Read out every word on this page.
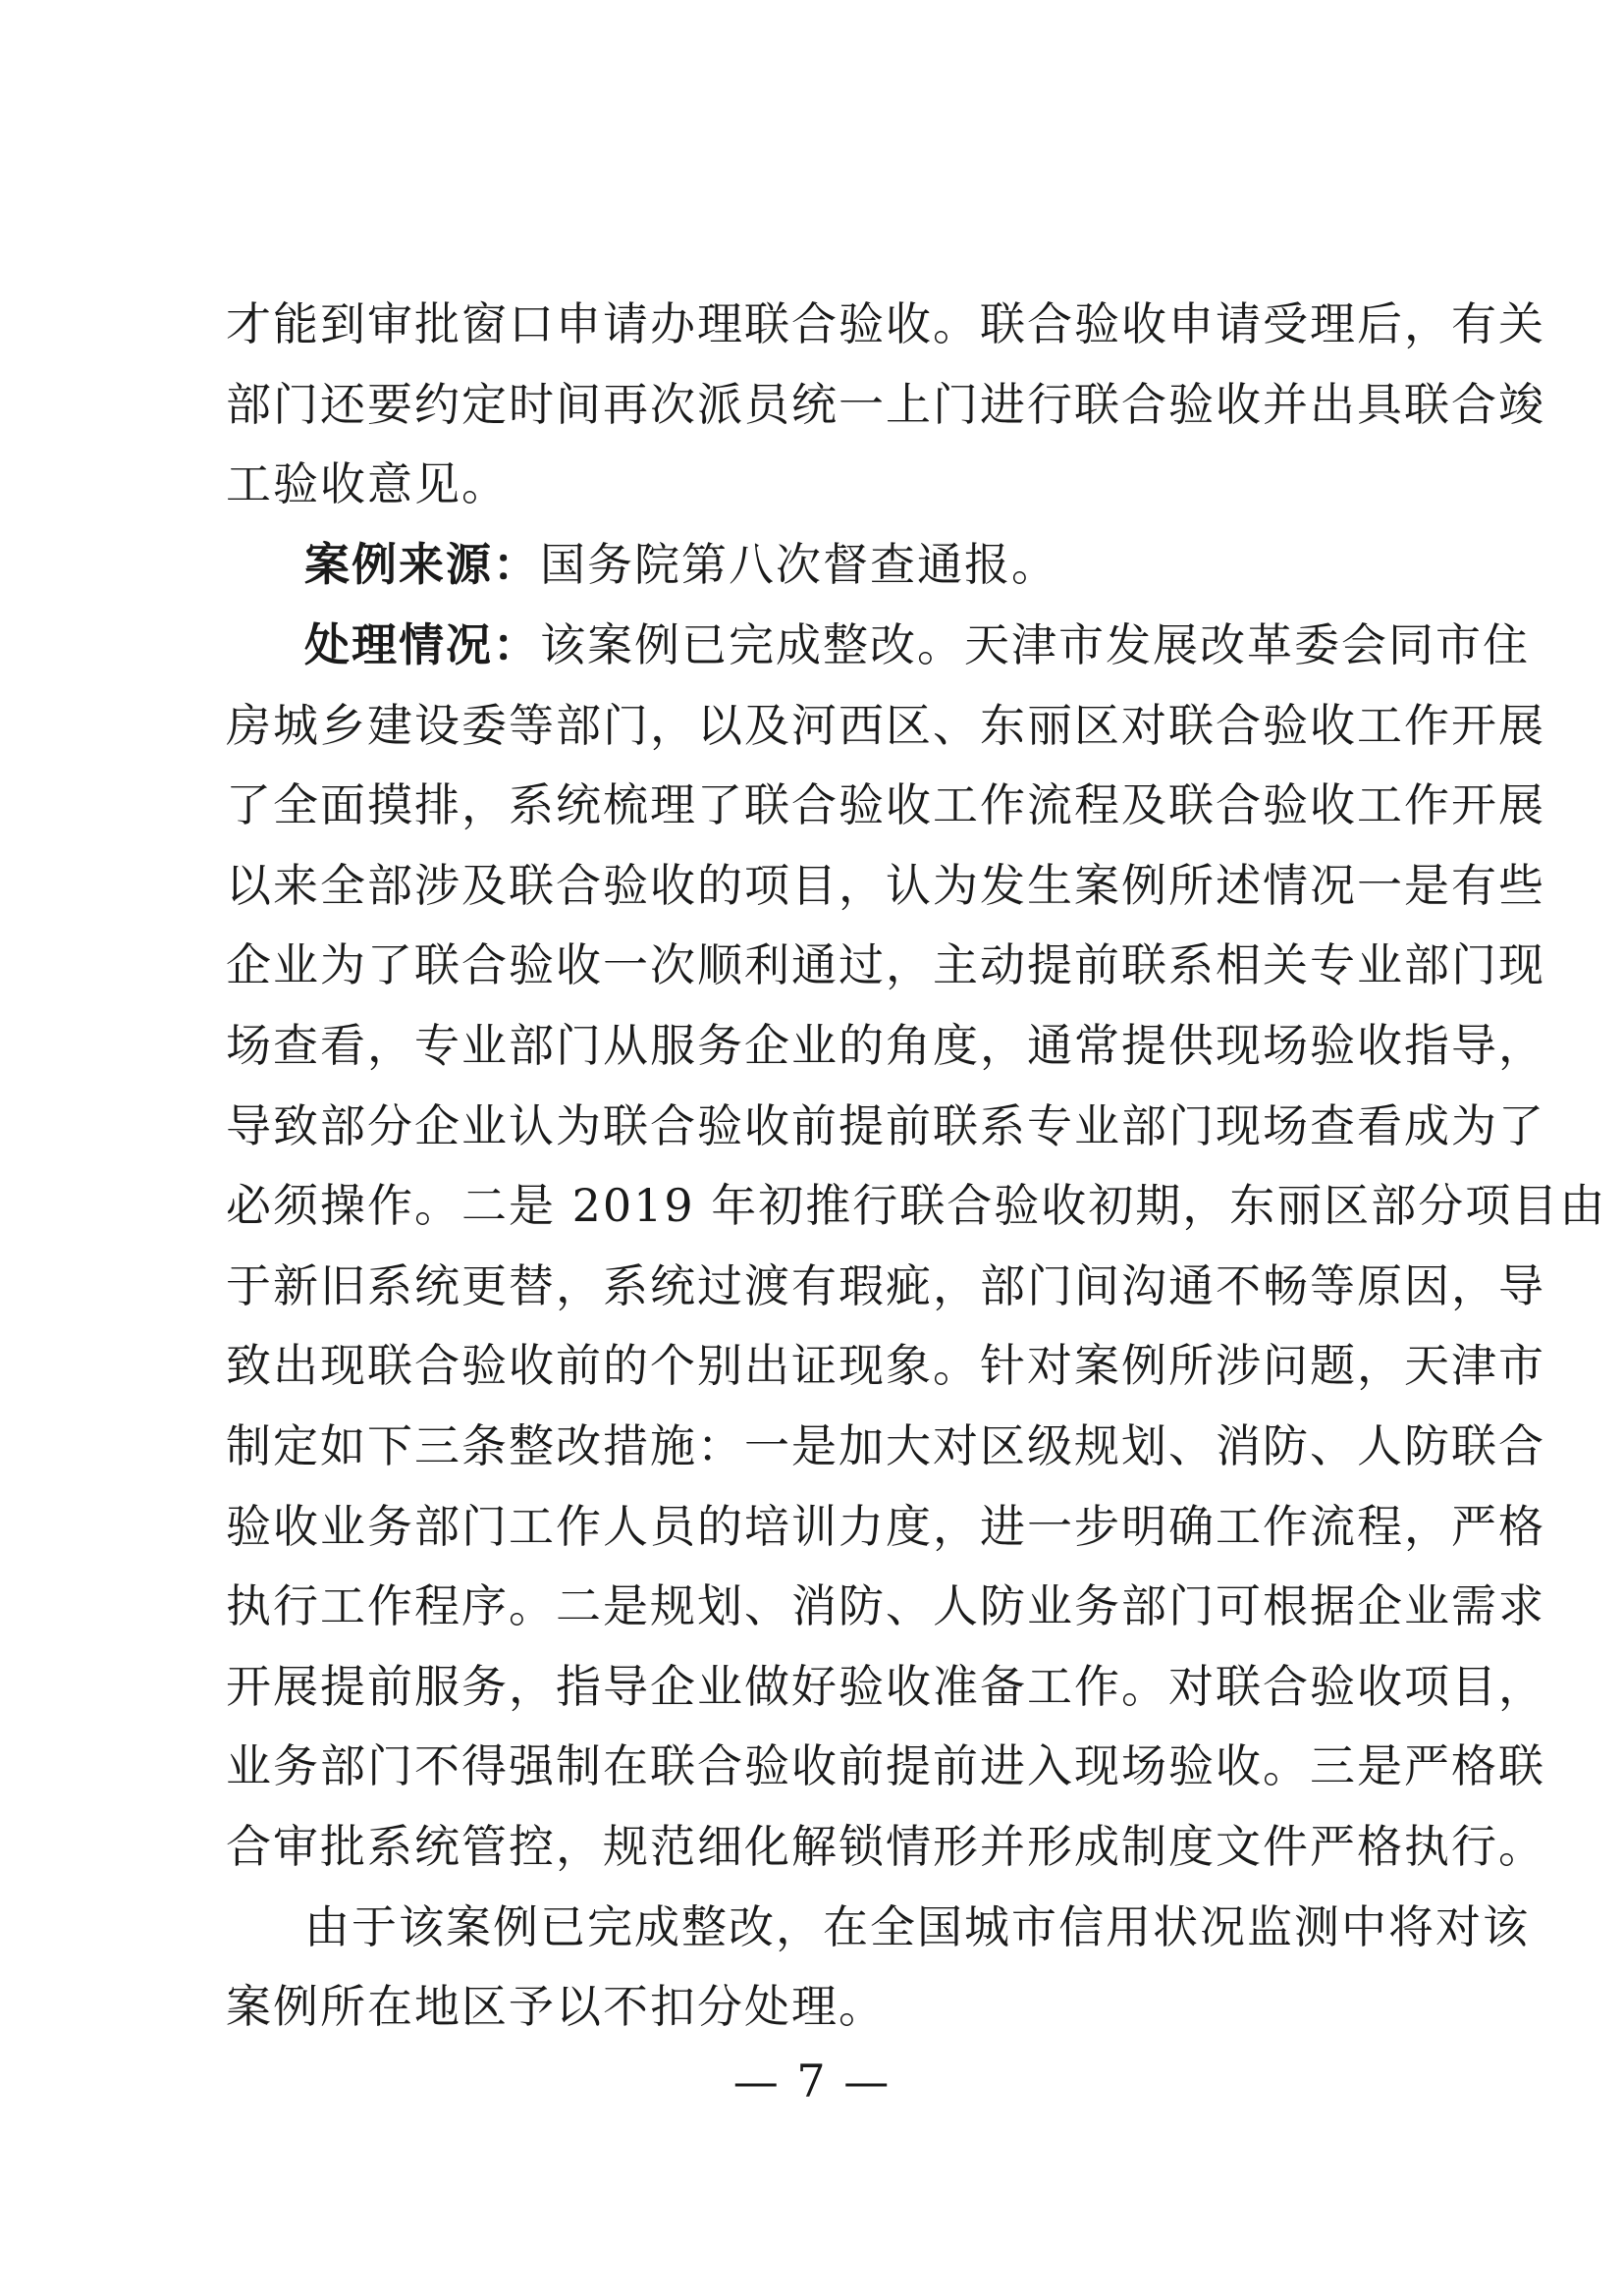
才能到审批窗口申请办理联合验收。联合验收申请受理后，有关
部门还要约定时间再次派员统一上门进行联合验收并出具联合竣
工验收意见。
案例来源：国务院第八次督查通报。
处理情况：该案例已完成整改。天津市发展改革委会同市住
房城乡建设委等部门，以及河西区、东丽区对联合验收工作开展
了全面摸排，系统梳理了联合验收工作流程及联合验收工作开展
以来全部涉及联合验收的项目，认为发生案例所述情况一是有些
企业为了联合验收一次顺利通过，主动提前联系相关专业部门现
场查看，专业部门从服务企业的角度，通常提供现场验收指导，
导致部分企业认为联合验收前提前联系专业部门现场查看成为了
必须操作。二是 2019 年初推行联合验收初期，东丽区部分项目由
于新旧系统更替，系统过渡有瑕疵，部门间沟通不畅等原因，导
致出现联合验收前的个别出证现象。针对案例所涉问题，天津市
制定如下三条整改措施：一是加大对区级规划、消防、人防联合
验收业务部门工作人员的培训力度，进一步明确工作流程，严格
执行工作程序。二是规划、消防、人防业务部门可根据企业需求
开展提前服务，指导企业做好验收准备工作。对联合验收项目，
业务部门不得强制在联合验收前提前进入现场验收。三是严格联
合审批系统管控，规范细化解锁情形并形成制度文件严格执行。
由于该案例已完成整改，在全国城市信用状况监测中将对该
案例所在地区予以不扣分处理。
— 7 —
